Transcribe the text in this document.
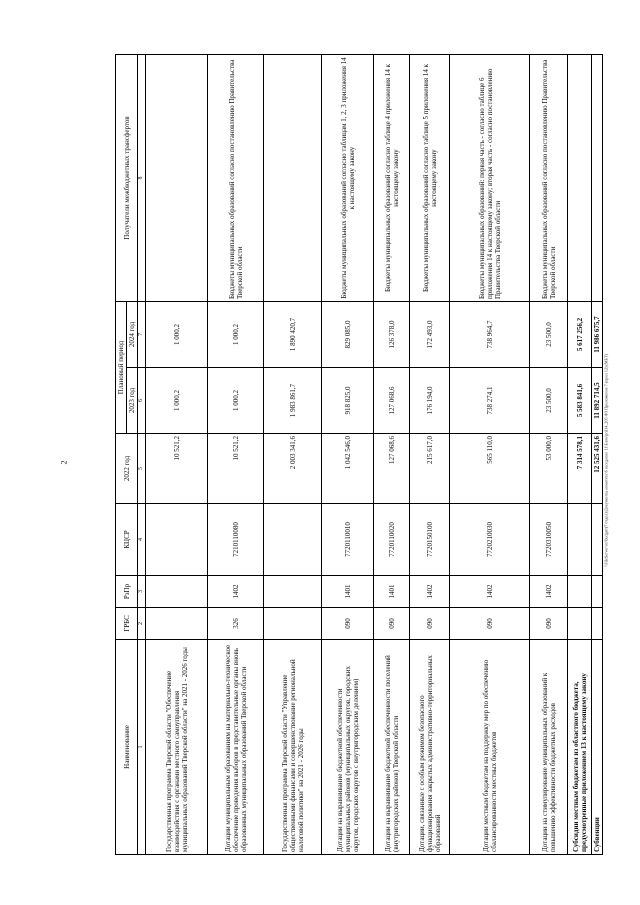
2	\\FileServer\on\budget\(7 отдел)\Документы комитета\6 заседание 11\Блок\pril14_205 ФЗ Приложение 7 (прил 12) (МБТ)
Наименование	ГРБС	РзПр	КЦСР	2022 год	Плановый период		Получатели межбюджетных трансфертов
					2023 год	2024 год	
1	2	3	4	5	6	7	8
Государственная программа Тверской области "Обеспечение взаимодействия с органами местного самоуправления муниципальных образований Тверской области" на 2021 - 2026 годы				10 521,2	1 000,2	1 000,2	
Дотации муниципальным образованиям на материально-техническое обеспечение проведения выборов в представительные органы вновь образованных муниципальных образований Тверской области	326	1402	7210110080	10 521,2	1 000,2	1 000,2	Бюджеты муниципальных образований согласно постановлению Правительства Тверской области
Государственная программа Тверской области "Управление общественными финансами и совершенствование региональной налоговой политики" на 2021 - 2026 годы				2 003 341,6	1 983 861,7	1 890 420,7	
Дотации на выравнивание бюджетной обеспеченности муниципальных районов (муниципальных округов, городских округов, городских округов с внутригородским делением)	090	1401	7720110010	1 042 546,0	918 825,0	829 085,0	Бюджеты муниципальных образований согласно таблицам 1, 2, 3 приложения 14 к настоящему закону
Дотации на выравнивание бюджетной обеспеченности поселений (внутригородских районов) Тверской области	090	1401	7720110020	127 068,6	127 068,6	126 378,0	Бюджеты муниципальных образований согласно таблице 4 приложения 14 к настоящему закону
Дотации, связанные с особым режимом безопасного функционирования закрытых административно-территориальных образований	090	1402	7720150100	215 617,0	176 194,0	172 493,0	Бюджеты муниципальных образований согласно таблице 5 приложения 14 к настоящему закону
Дотации местным бюджетам на поддержку мер по обеспечению сбалансированности местных бюджетов	090	1402	7720210030	565 110,0	738 274,1	738 964,7	Бюджеты муниципальных образований: первая часть - согласно таблице 6 приложения 14 к настоящему закону; вторая часть - согласно постановлению Правительства Тверской области
Дотации на стимулирование муниципальных образований к повышению эффективности бюджетных расходов	090	1402	7720310050	53 000,0	23 500,0	23 500,0	Бюджеты муниципальных образований согласно постановлению Правительства Тверской области
Субсидии местным бюджетам из областного бюджета, предусмотренные приложением 13 к настоящему закону				7 314 578,1	5 583 841,6	5 617 256,2	
Субвенции				12 525 431,6	11 892 714,5	11 986 675,7	
